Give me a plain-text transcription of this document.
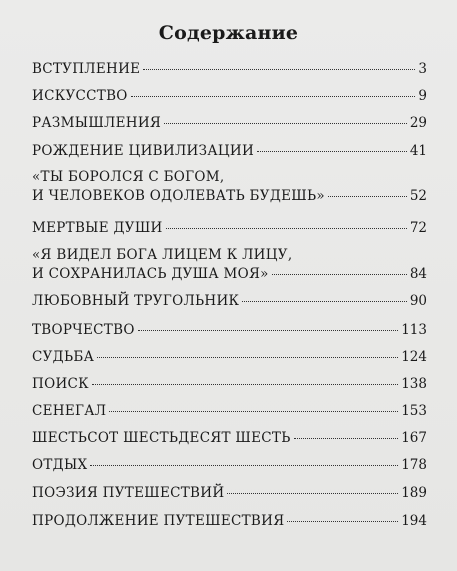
Содержание
ВСТУПЛЕНИЕ	3
ИСКУССТВО	9
РАЗМЫШЛЕНИЯ	29
РОЖДЕНИЕ ЦИВИЛИЗАЦИИ	41
«ТЫ БОРОЛСЯ С БОГОМ,
И ЧЕЛОВЕКОВ ОДОЛЕВАТЬ БУДЕШЬ»	52
МЕРТВЫЕ ДУШИ	72
«Я ВИДЕЛ БОГА ЛИЦЕМ К ЛИЦУ,
И СОХРАНИЛАСЬ ДУША МОЯ»	84
ЛЮБОВНЫЙ ТРУГОЛЬНИК	90
ТВОРЧЕСТВО	113
СУДЬБА	124
ПОИСК	138
СЕНЕГАЛ	153
ШЕСТЬСОТ ШЕСТЬДЕСЯТ ШЕСТЬ	167
ОТДЫХ	178
ПОЭЗИЯ ПУТЕШЕСТВИЙ	189
ПРОДОЛЖЕНИЕ ПУТЕШЕСТВИЯ	194
